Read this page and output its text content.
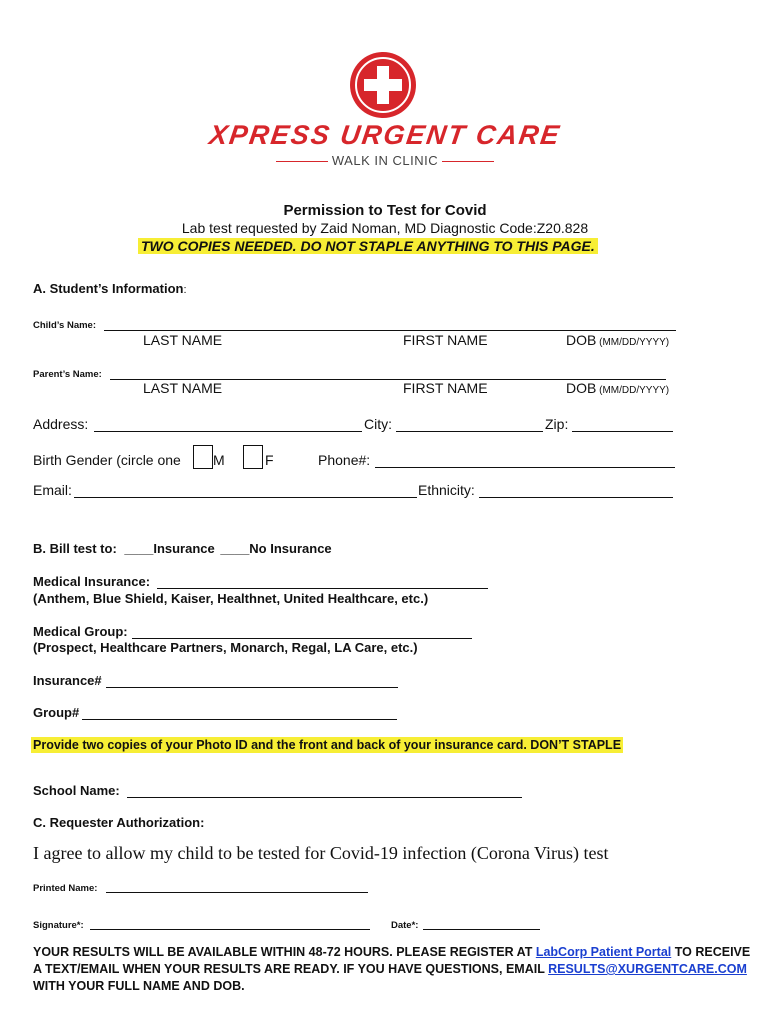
XPRESS URGENT CARE
WALK IN CLINIC
Permission to Test for Covid
Lab test requested by Zaid Noman, MD Diagnostic Code:Z20.828
TWO COPIES NEEDED. DO NOT STAPLE ANYTHING TO THIS PAGE.
A. Student’s Information:
Child’s Name:
LAST NAME	FIRST NAME	DOB (MM/DD/YYYY)
Parent’s Name:
LAST NAME	FIRST NAME	DOB (MM/DD/YYYY)
Address:	City:	Zip:
Birth Gender (circle one M	F	Phone#:
Email:	Ethnicity:
B. Bill test to: ____Insurance ____No Insurance
Medical Insurance:
(Anthem, Blue Shield, Kaiser, Healthnet, United Healthcare, etc.)
Medical Group:
(Prospect, Healthcare Partners, Monarch, Regal, LA Care, etc.)
Insurance#
Group#
Provide two copies of your Photo ID and the front and back of your insurance card. DON’T STAPLE
School Name:
C. Requester Authorization:
I agree to allow my child to be tested for Covid-19 infection (Corona Virus) test
Printed Name:
Signature*:	Date*:
YOUR RESULTS WILL BE AVAILABLE WITHIN 48-72 HOURS. PLEASE REGISTER AT LabCorp Patient Portal TO RECEIVE A TEXT/EMAIL WHEN YOUR RESULTS ARE READY. IF YOU HAVE QUESTIONS, EMAIL RESULTS@XURGENTCARE.COM WITH YOUR FULL NAME AND DOB.
